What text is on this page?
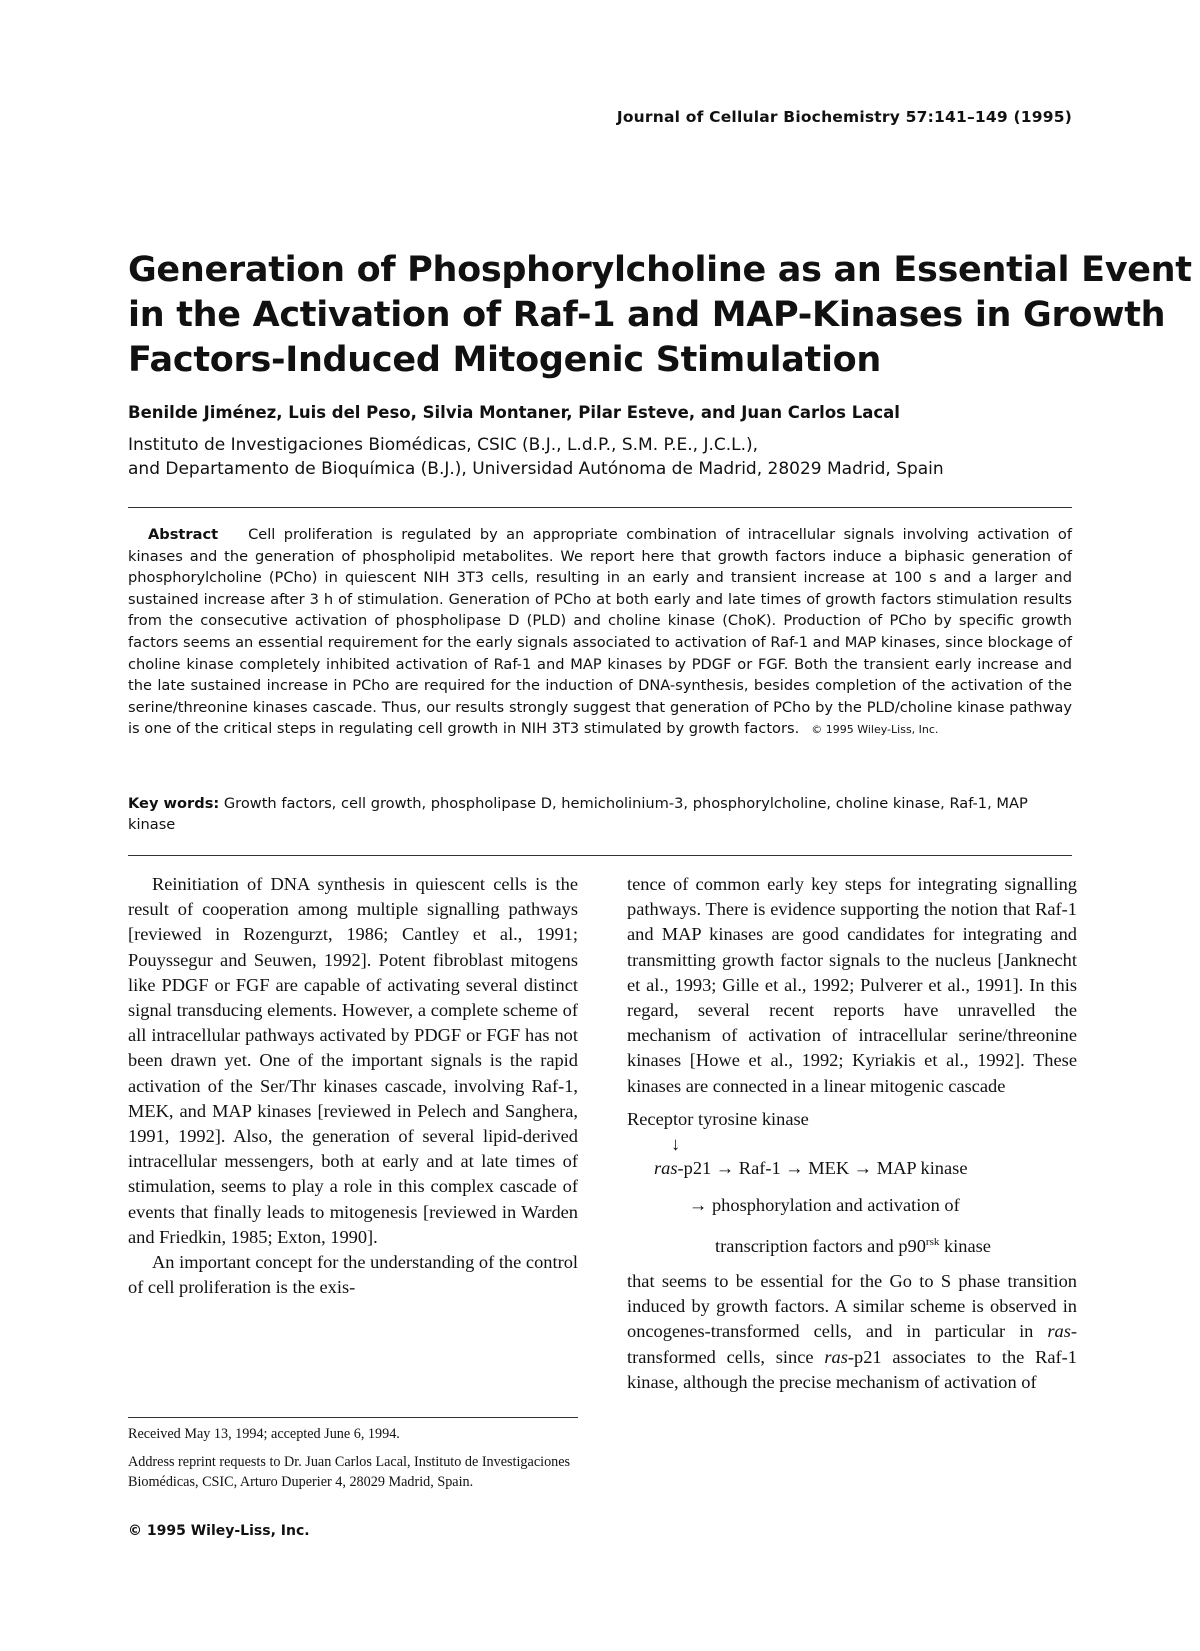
Journal of Cellular Biochemistry 57:141–149 (1995)
Generation of Phosphorylcholine as an Essential Event
in the Activation of Raf-1 and MAP-Kinases in Growth
Factors-Induced Mitogenic Stimulation
Benilde Jiménez, Luis del Peso, Silvia Montaner, Pilar Esteve, and Juan Carlos Lacal
Instituto de Investigaciones Biomédicas, CSIC (B.J., L.d.P., S.M. P.E., J.C.L.),
and Departamento de Bioquímica (B.J.), Universidad Autónoma de Madrid, 28029 Madrid, Spain
Abstract Cell proliferation is regulated by an appropriate combination of intracellular signals involving activation of kinases and the generation of phospholipid metabolites. We report here that growth factors induce a biphasic generation of phosphorylcholine (PCho) in quiescent NIH 3T3 cells, resulting in an early and transient increase at 100 s and a larger and sustained increase after 3 h of stimulation. Generation of PCho at both early and late times of growth factors stimulation results from the consecutive activation of phospholipase D (PLD) and choline kinase (ChoK). Production of PCho by specific growth factors seems an essential requirement for the early signals associated to activation of Raf-1 and MAP kinases, since blockage of choline kinase completely inhibited activation of Raf-1 and MAP kinases by PDGF or FGF. Both the transient early increase and the late sustained increase in PCho are required for the induction of DNA-synthesis, besides completion of the activation of the serine/threonine kinases cascade. Thus, our results strongly suggest that generation of PCho by the PLD/choline kinase pathway is one of the critical steps in regulating cell growth in NIH 3T3 stimulated by growth factors. © 1995 Wiley-Liss, Inc.
Key words: Growth factors, cell growth, phospholipase D, hemicholinium-3, phosphorylcholine, choline kinase, Raf-1, MAP kinase

Reinitiation of DNA synthesis in quiescent cells is the result of cooperation among multiple signalling pathways [reviewed in Rozengurzt, 1986; Cantley et al., 1991; Pouyssegur and Seuwen, 1992]. Potent fibroblast mitogens like PDGF or FGF are capable of activating several distinct signal transducing elements. However, a complete scheme of all intracellular pathways activated by PDGF or FGF has not been drawn yet. One of the important signals is the rapid activation of the Ser/Thr kinases cascade, involving Raf-1, MEK, and MAP kinases [reviewed in Pelech and Sanghera, 1991, 1992]. Also, the generation of several lipid-derived intracellular messengers, both at early and at late times of stimulation, seems to play a role in this complex cascade of events that finally leads to mitogenesis [reviewed in Warden and Friedkin, 1985; Exton, 1990].

An important concept for the understanding of the control of cell proliferation is the exis-

tence of common early key steps for integrating signalling pathways. There is evidence supporting the notion that Raf-1 and MAP kinases are good candidates for integrating and transmitting growth factor signals to the nucleus [Janknecht et al., 1993; Gille et al., 1992; Pulverer et al., 1991]. In this regard, several recent reports have unravelled the mechanism of activation of intracellular serine/threonine kinases [Howe et al., 1992; Kyriakis et al., 1992]. These kinases are connected in a linear mitogenic cascade

Receptor tyrosine kinase
↓
ras-p21 → Raf-1 → MEK → MAP kinase
→ phosphorylation and activation of
transcription factors and $p90^{rsk}$ kinase

that seems to be essential for the Go to S phase transition induced by growth factors. A similar scheme is observed in oncogenes-transformed cells, and in particular in ras-transformed cells, since ras-p21 associates to the Raf-1 kinase, although the precise mechanism of activation of

Received May 13, 1994; accepted June 6, 1994.

Address reprint requests to Dr. Juan Carlos Lacal, Instituto de Investigaciones Biomédicas, CSIC, Arturo Duperier 4, 28029 Madrid, Spain.

© 1995 Wiley-Liss, Inc.
